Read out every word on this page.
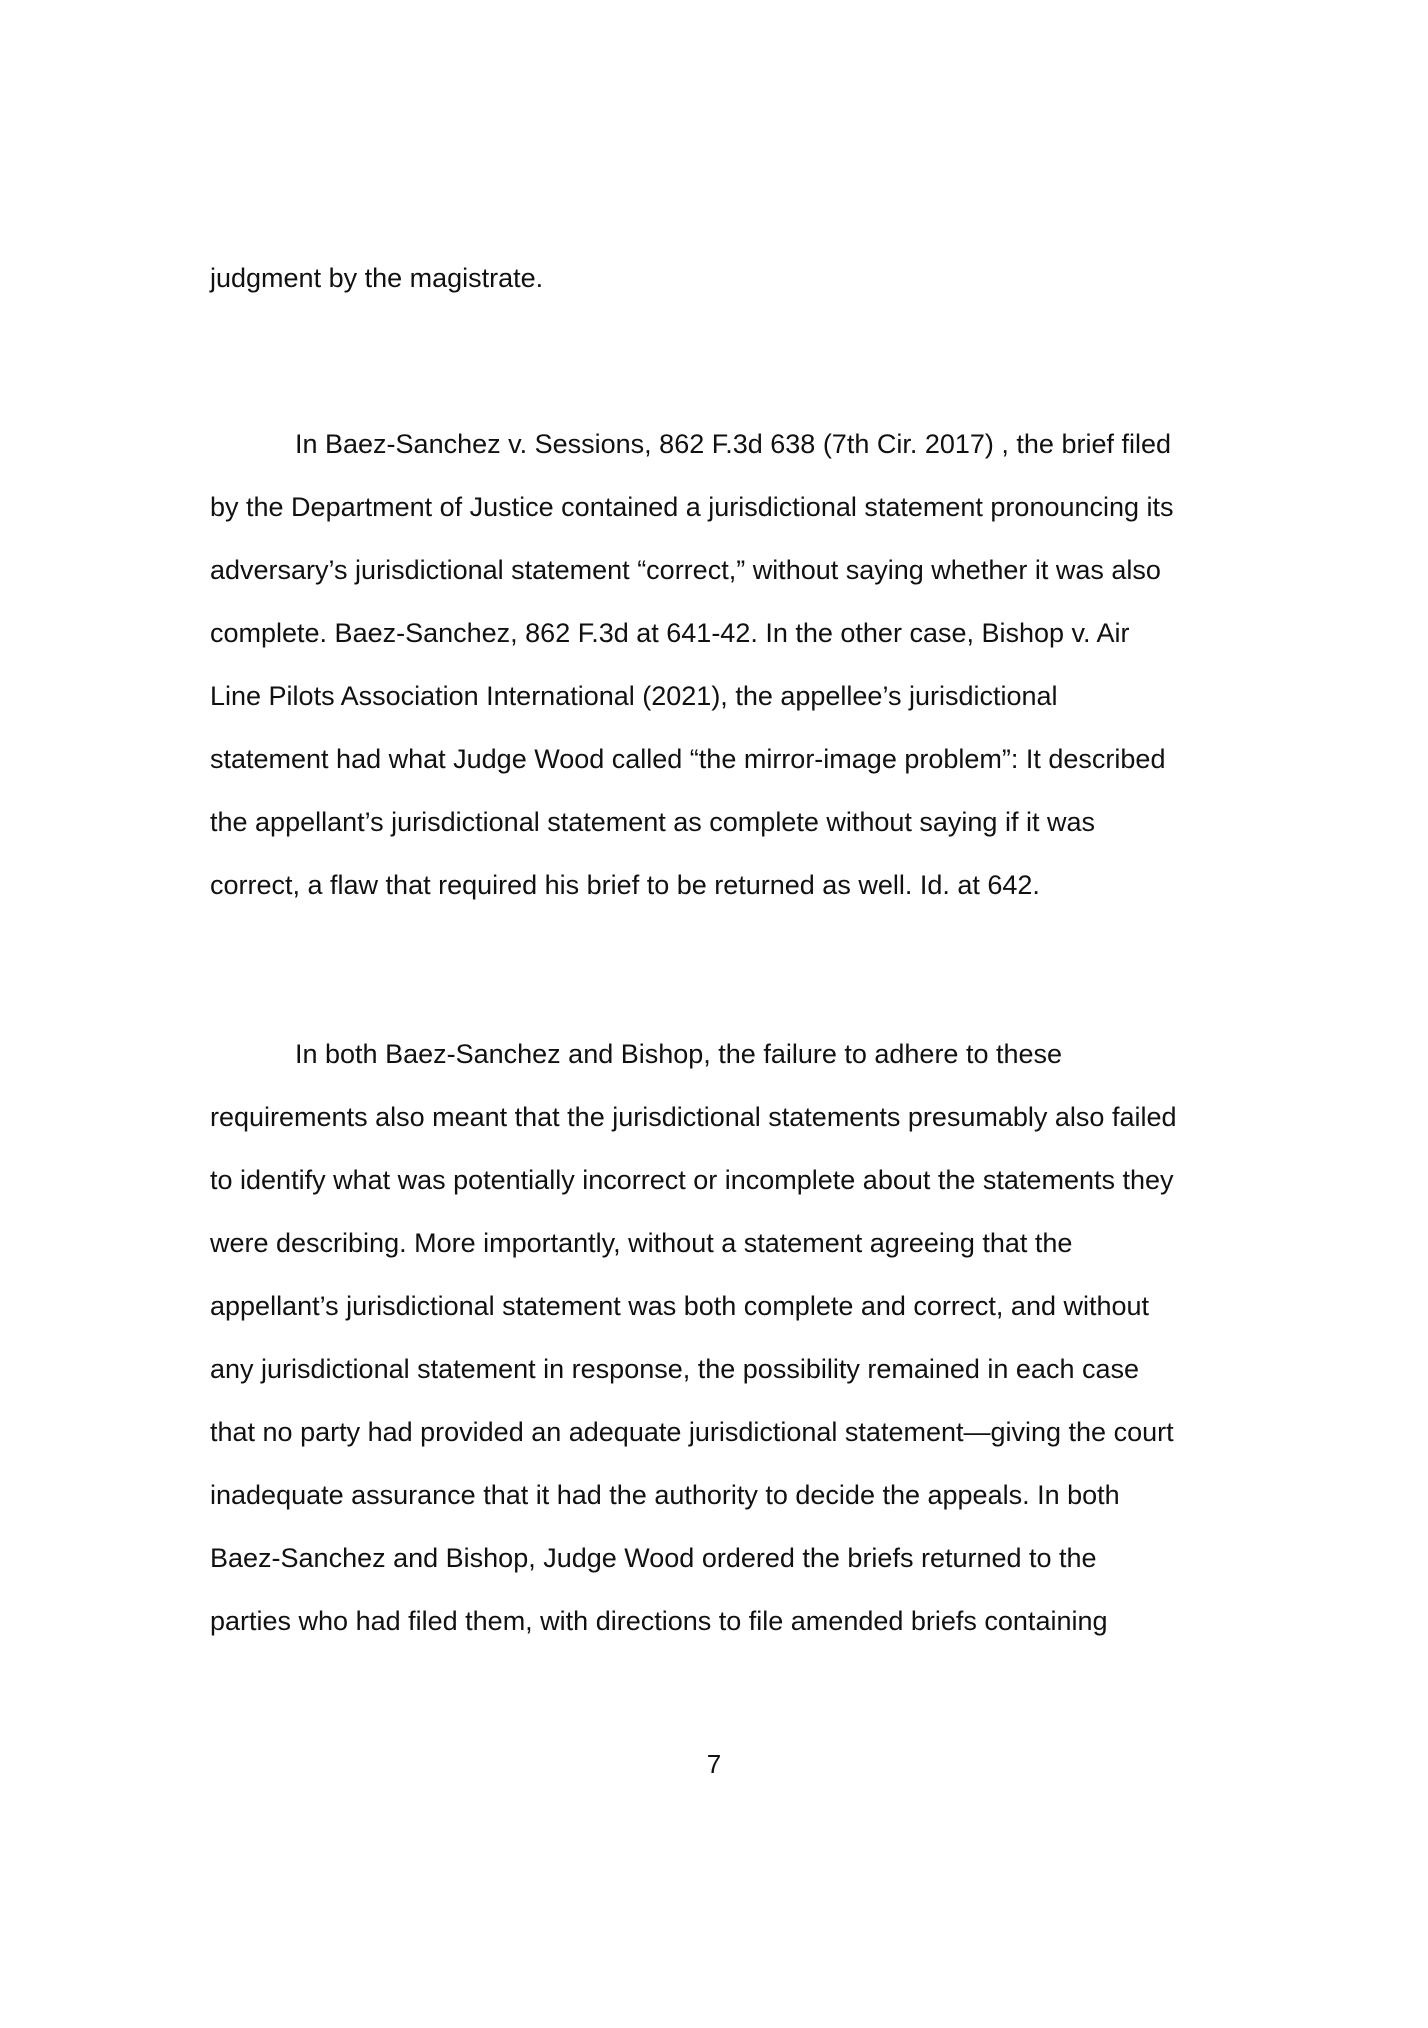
judgment by the magistrate.

In Baez-Sanchez v. Sessions, 862 F.3d 638 (7th Cir. 2017) , the brief filed

by the Department of Justice contained a jurisdictional statement pronouncing its

adversary’s jurisdictional statement “correct,” without saying whether it was also

complete. Baez-Sanchez, 862 F.3d at 641-42. In the other case, Bishop v. Air

Line Pilots Association International (2021), the appellee’s jurisdictional

statement had what Judge Wood called “the mirror-image problem”: It described

the appellant’s jurisdictional statement as complete without saying if it was

correct, a flaw that required his brief to be returned as well. Id. at 642.

In both Baez-Sanchez and Bishop, the failure to adhere to these

requirements also meant that the jurisdictional statements presumably also failed

to identify what was potentially incorrect or incomplete about the statements they

were describing. More importantly, without a statement agreeing that the

appellant’s jurisdictional statement was both complete and correct, and without

any jurisdictional statement in response, the possibility remained in each case

that no party had provided an adequate jurisdictional statement—giving the court

inadequate assurance that it had the authority to decide the appeals. In both

Baez-Sanchez and Bishop, Judge Wood ordered the briefs returned to the

parties who had filed them, with directions to file amended briefs containing

7
